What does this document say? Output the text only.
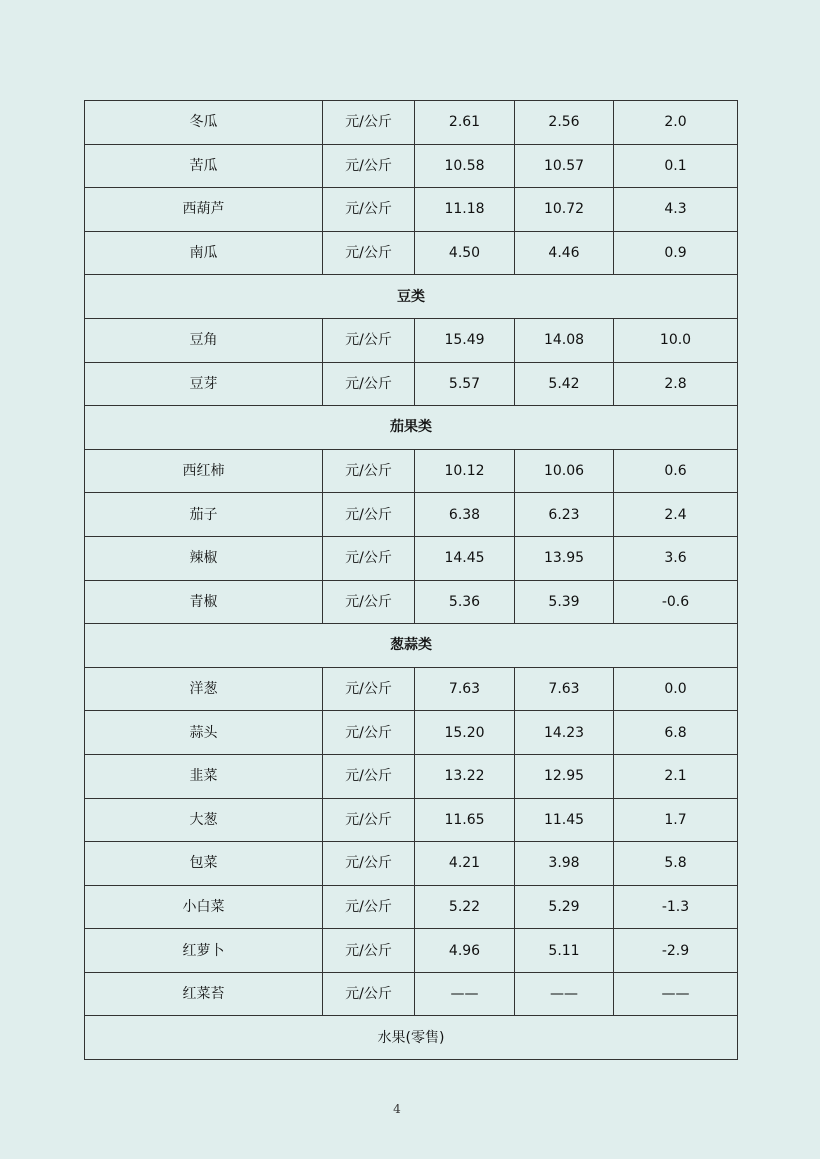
冬瓜	元/公斤	2.61	2.56	2.0
苦瓜	元/公斤	10.58	10.57	0.1
西葫芦	元/公斤	11.18	10.72	4.3
南瓜	元/公斤	4.50	4.46	0.9
豆类				
豆角	元/公斤	15.49	14.08	10.0
豆芽	元/公斤	5.57	5.42	2.8
茄果类				
西红柿	元/公斤	10.12	10.06	0.6
茄子	元/公斤	6.38	6.23	2.4
辣椒	元/公斤	14.45	13.95	3.6
青椒	元/公斤	5.36	5.39	-0.6
葱蒜类				
洋葱	元/公斤	7.63	7.63	0.0
蒜头	元/公斤	15.20	14.23	6.8
韭菜	元/公斤	13.22	12.95	2.1
大葱	元/公斤	11.65	11.45	1.7
包菜	元/公斤	4.21	3.98	5.8
小白菜	元/公斤	5.22	5.29	-1.3
红萝卜	元/公斤	4.96	5.11	-2.9
红菜苔	元/公斤	——	——	——
水果(零售)				
4
